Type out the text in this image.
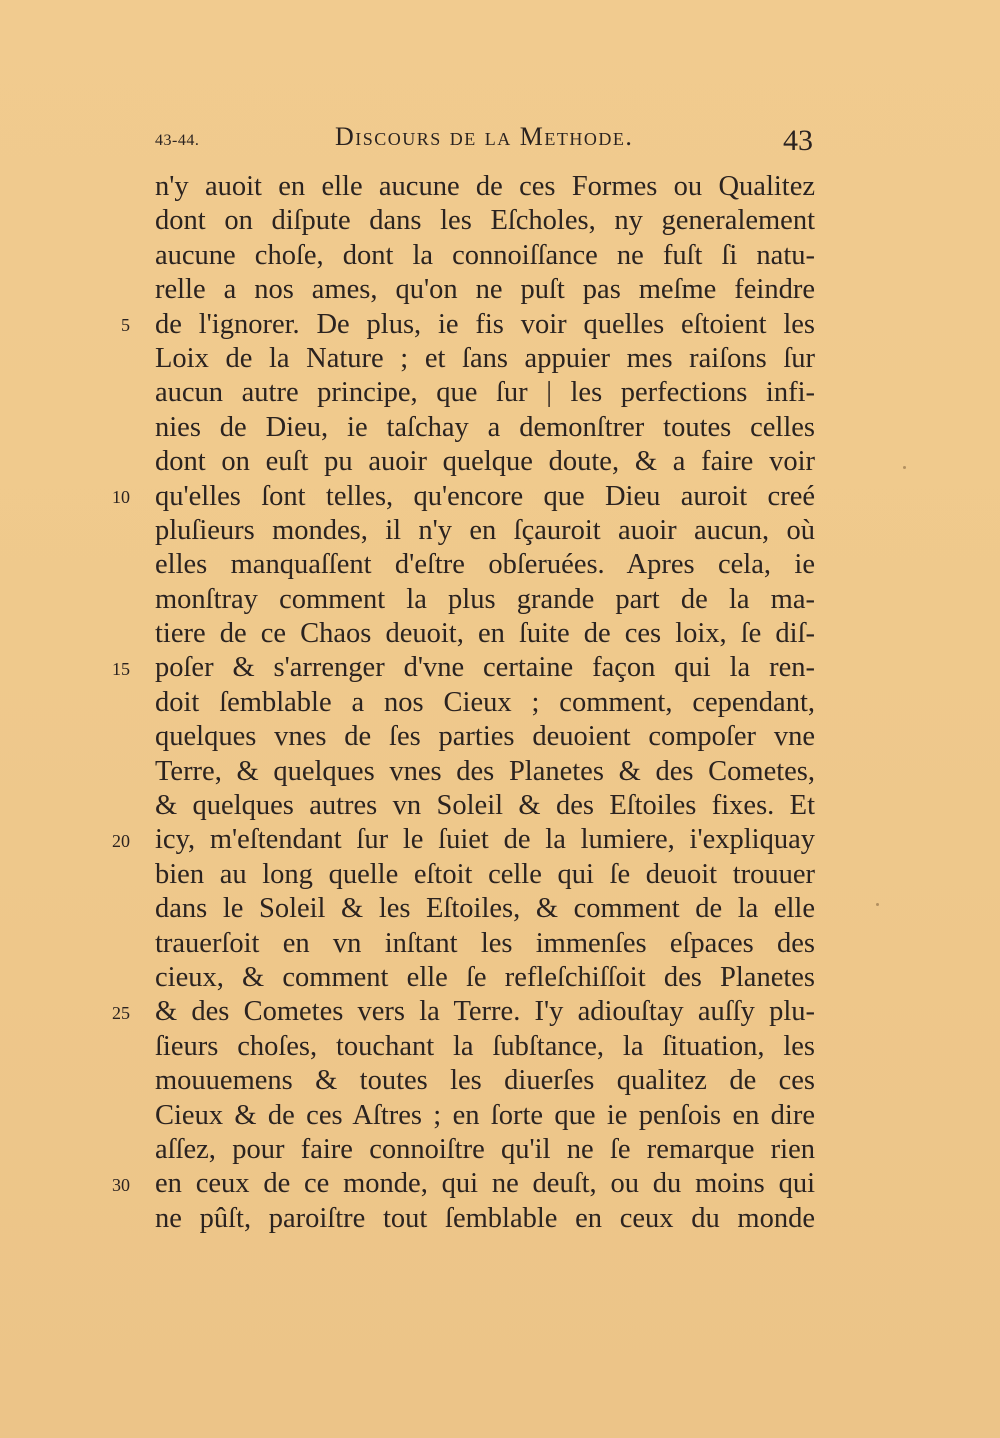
43-44.	Discours de la Methode.	43
5
10
15
20
25
30
n'y auoit en elle aucune de ces Formes ou Qualitez
dont on diſpute dans les Eſcholes, ny generalement
aucune choſe, dont la connoiſſance ne fuſt ſi natu-
relle a nos ames, qu'on ne puſt pas meſme feindre
de l'ignorer. De plus, ie fis voir quelles eſtoient les
Loix de la Nature ; et ſans appuier mes raiſons ſur
aucun autre principe, que ſur | les perfections infi-
nies de Dieu, ie taſchay a demonſtrer toutes celles
dont on euſt pu auoir quelque doute, & a faire voir
qu'elles ſont telles, qu'encore que Dieu auroit creé
pluſieurs mondes, il n'y en ſçauroit auoir aucun, où
elles manquaſſent d'eſtre obſeruées. Apres cela, ie
monſtray comment la plus grande part de la ma-
tiere de ce Chaos deuoit, en ſuite de ces loix, ſe diſ-
poſer & s'arrenger d'vne certaine façon qui la ren-
doit ſemblable a nos Cieux ; comment, cependant,
quelques vnes de ſes parties deuoient compoſer vne
Terre, & quelques vnes des Planetes & des Cometes,
& quelques autres vn Soleil & des Eſtoiles fixes. Et
icy, m'eſtendant ſur le ſuiet de la lumiere, i'expliquay
bien au long quelle eſtoit celle qui ſe deuoit trouuer
dans le Soleil & les Eſtoiles, & comment de la elle
trauerſoit en vn inſtant les immenſes eſpaces des
cieux, & comment elle ſe refleſchiſſoit des Planetes
& des Cometes vers la Terre. I'y adiouſtay auſſy plu-
ſieurs choſes, touchant la ſubſtance, la ſituation, les
mouuemens & toutes les diuerſes qualitez de ces
Cieux & de ces Aſtres ; en ſorte que ie penſois en dire
aſſez, pour faire connoiſtre qu'il ne ſe remarque rien
en ceux de ce monde, qui ne deuſt, ou du moins qui
ne pûſt, paroiſtre tout ſemblable en ceux du monde
